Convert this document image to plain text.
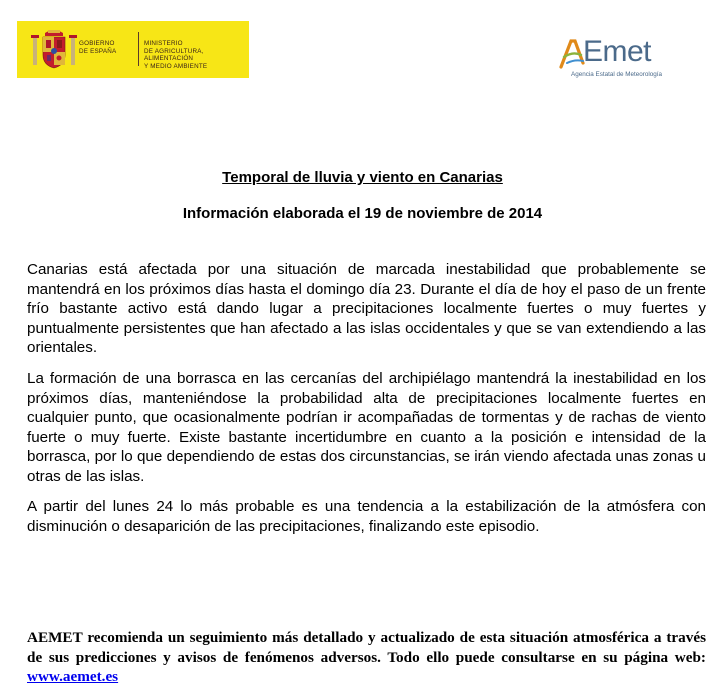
GOBIERNO
DE ESPAÑA
MINISTERIO
DE AGRICULTURA, ALIMENTACIÓN
Y MEDIO AMBIENTE	Emet
Agencia Estatal de Meteorología
Temporal de lluvia y viento en Canarias
Información elaborada el 19 de noviembre de 2014

Canarias está afectada por una situación de marcada inestabilidad que probablemente se mantendrá en los próximos días hasta el domingo día 23. Durante el día de hoy el paso de un frente frío bastante activo está dando lugar a precipitaciones localmente fuertes o muy fuertes y puntualmente persistentes que han afectado a las islas occidentales y que se van extendiendo a las orientales.

La formación de una borrasca en las cercanías del archipiélago mantendrá la inestabilidad en los próximos días, manteniéndose la probabilidad alta de precipitaciones localmente fuertes en cualquier punto, que ocasionalmente podrían ir acompañadas de tormentas y de rachas de viento fuerte o muy fuerte. Existe bastante incertidumbre en cuanto a la posición e intensidad de la borrasca, por lo que dependiendo de estas dos circunstancias, se irán viendo afectada unas zonas u otras de las islas.

A partir del lunes 24 lo más probable es una tendencia a la estabilización de la atmósfera con disminución o desaparición de las precipitaciones, finalizando este episodio.

AEMET recomienda un seguimiento más detallado y actualizado de esta situación atmosférica a través de sus predicciones y avisos de fenómenos adversos. Todo ello puede consultarse en su página web: www.aemet.es
